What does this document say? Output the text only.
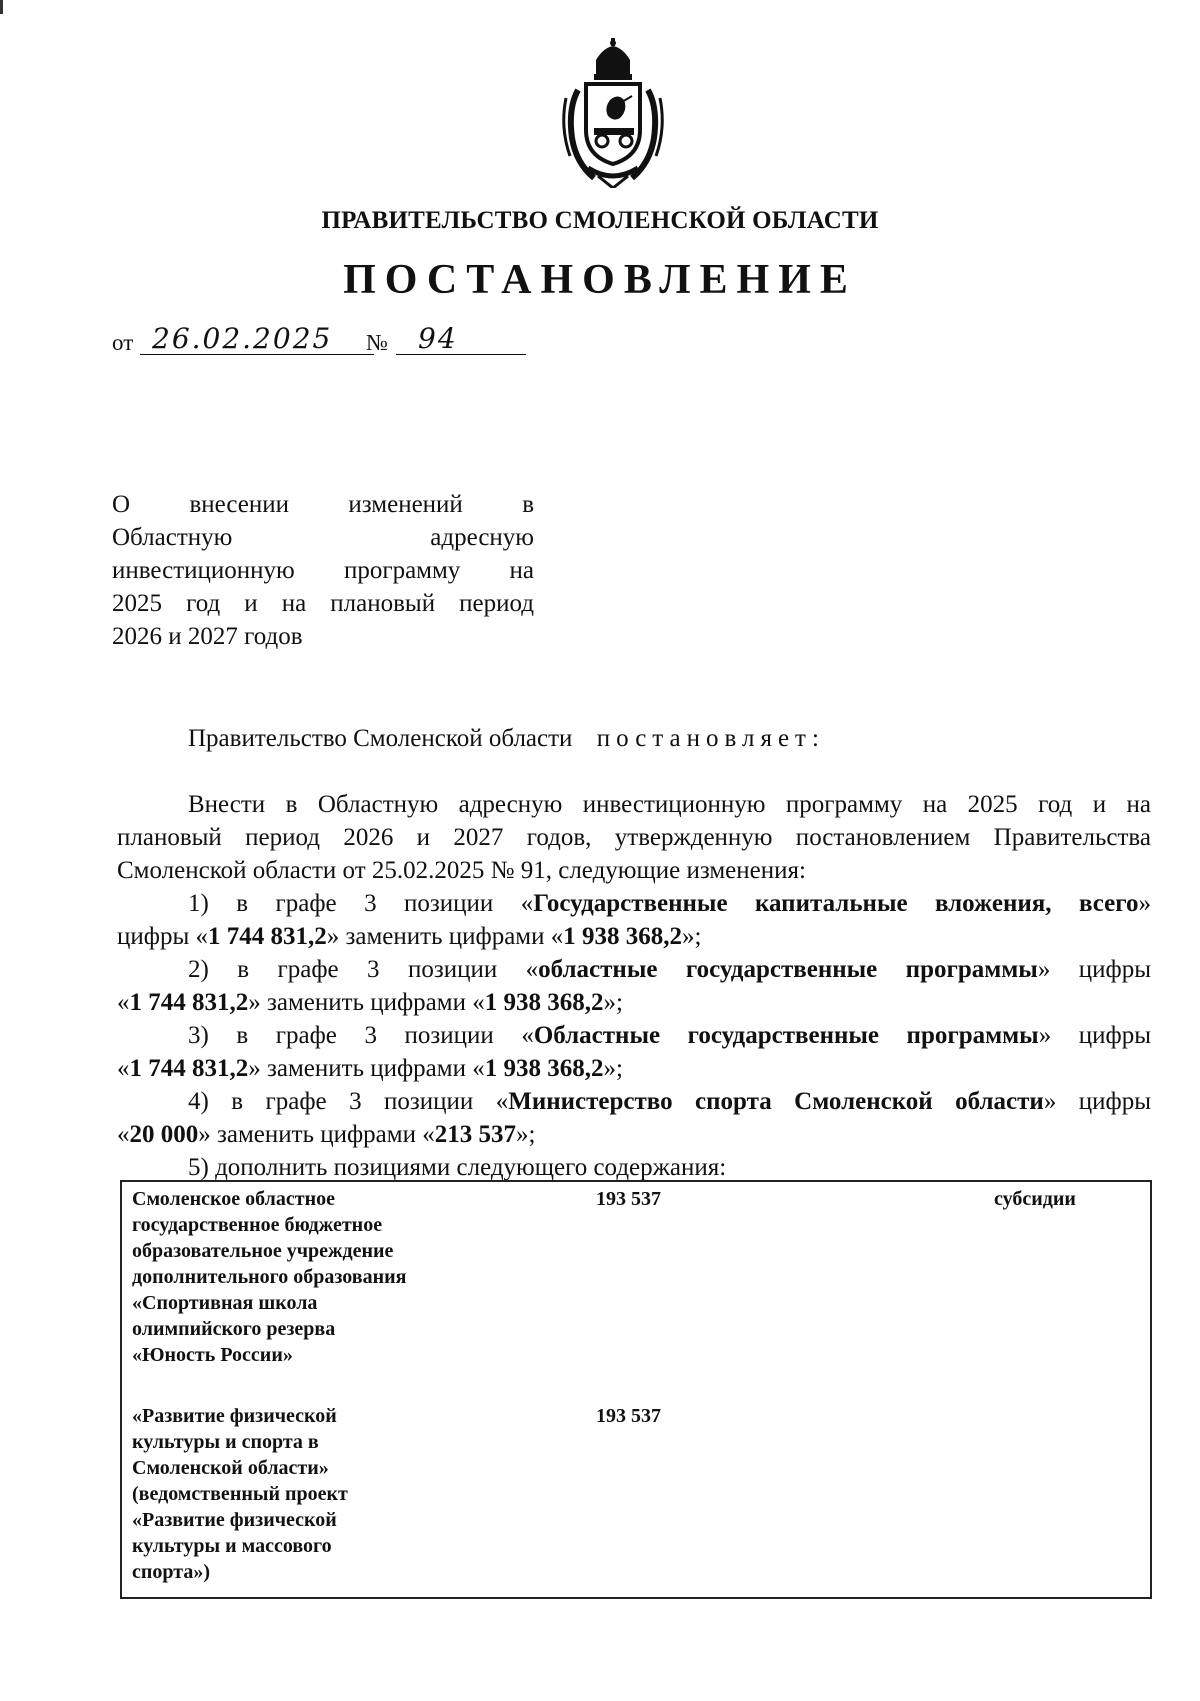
ПРАВИТЕЛЬСТВО СМОЛЕНСКОЙ ОБЛАСТИ
ПОСТАНОВЛЕНИЕ
от 26.02.2025 № 94
О внесении изменений в
Областную адресную
инвестиционную программу на
2025 год и на плановый период
2026 и 2027 годов
Правительство Смоленской области постановляет:
Внести в Областную адресную инвестиционную программу на 2025 год и на
плановый период 2026 и 2027 годов, утвержденную постановлением Правительства
Смоленской области от 25.02.2025 № 91, следующие изменения:
1) в графе 3 позиции «Государственные капитальные вложения, всего»
цифры «1 744 831,2» заменить цифрами «1 938 368,2»;
2) в графе 3 позиции «областные государственные программы» цифры
«1 744 831,2» заменить цифрами «1 938 368,2»;
3) в графе 3 позиции «Областные государственные программы» цифры
«1 744 831,2» заменить цифрами «1 938 368,2»;
4) в графе 3 позиции «Министерство спорта Смоленской области» цифры
«20 000» заменить цифрами «213 537»;
5) дополнить позициями следующего содержания:
Смоленское областное
государственное бюджетное
образовательное учреждение
дополнительного образования
«Спортивная школа
олимпийского резерва
«Юность России»
193 537	субсидии
«Развитие физической
культуры и спорта в
Смоленской области»
(ведомственный проект
«Развитие физической
культуры и массового
спорта»)
193 537
